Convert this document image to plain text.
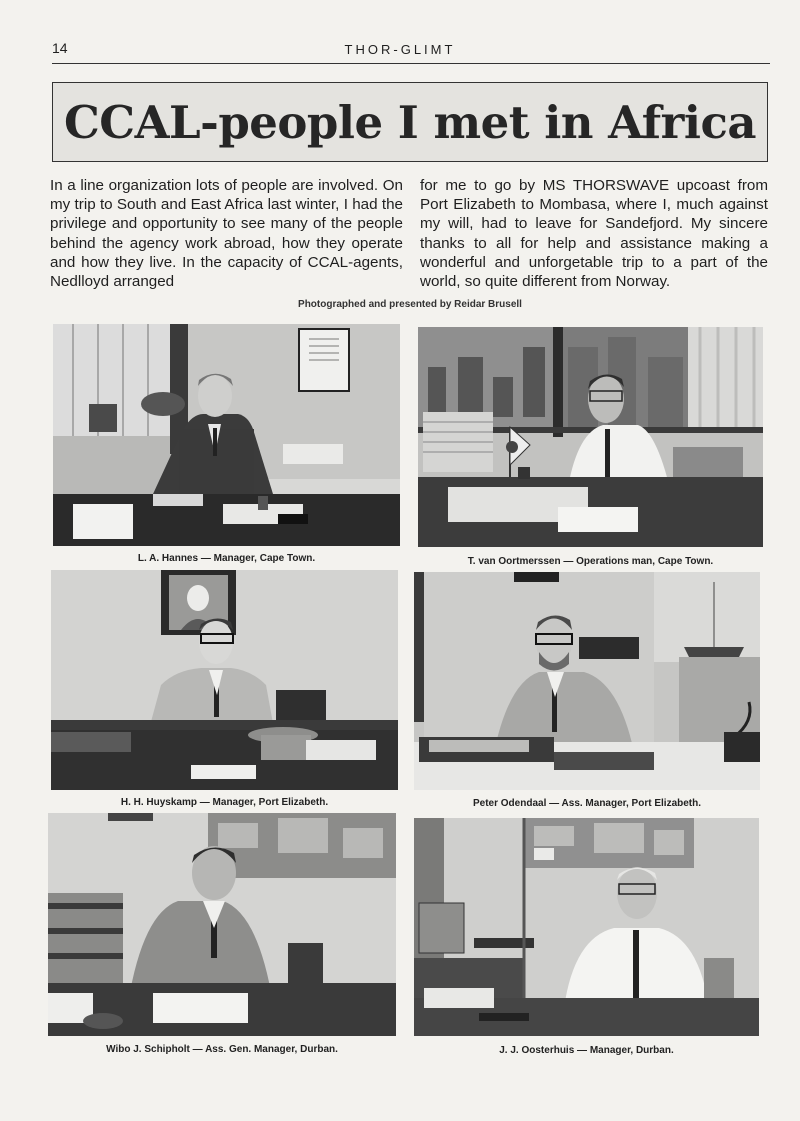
14	THOR-GLIMT
CCAL-people I met in Africa

In a line organization lots of people are involved. On my trip to South and East Africa last winter, I had the privilege and opportunity to see many of the people behind the agency work abroad, how they operate and how they live. In the capacity of CCAL-agents, Nedlloyd arranged

for me to go by MS THORSWAVE upcoast from Port Elizabeth to Mombasa, where I, much against my will, had to leave for Sandefjord. My sincere thanks to all for help and assistance making a wonderful and unforgetable trip to a part of the world, so quite different from Norway.

Photographed and presented by Reidar Brusell
L. A. Hannes — Manager, Cape Town.	T. van Oortmerssen — Operations man, Cape Town.
H. H. Huyskamp — Manager, Port Elizabeth.	Peter Odendaal — Ass. Manager, Port Elizabeth.
Wibo J. Schipholt — Ass. Gen. Manager, Durban.	J. J. Oosterhuis — Manager, Durban.
